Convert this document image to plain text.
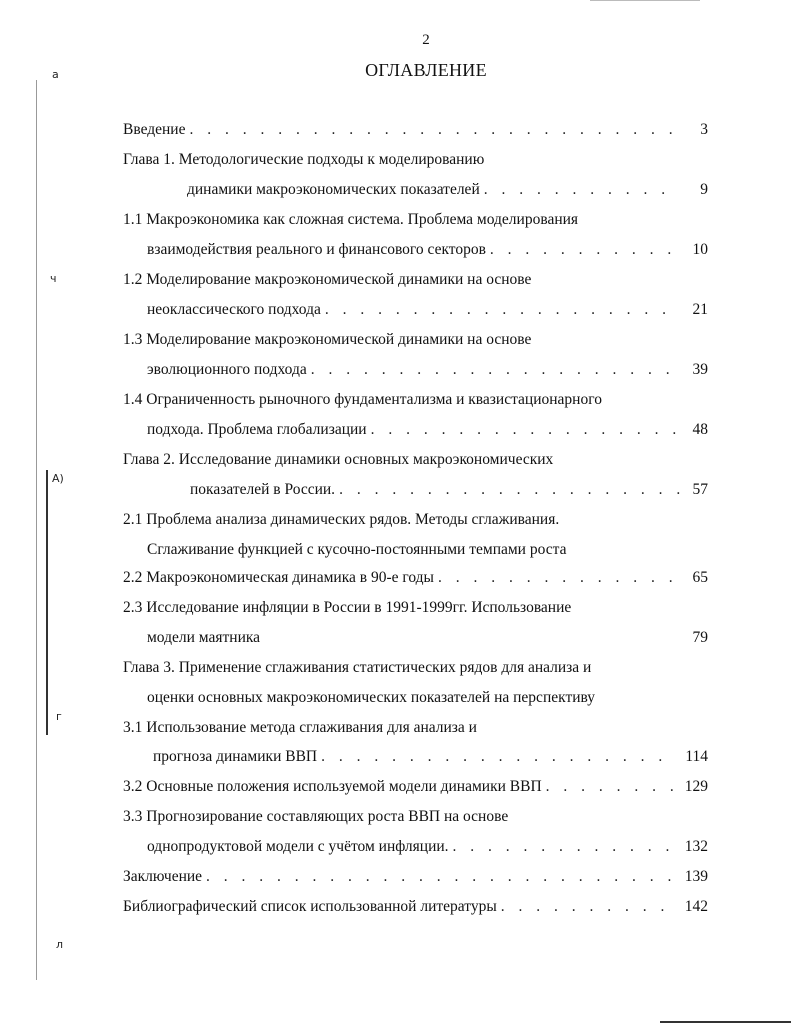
а
ч
А)
г
л
2
ОГЛАВЛЕНИЕ
Введение . . .	3
Глава 1. Методологические подходы к моделированию
динамики макроэкономических показателей . . .	9
1.1 Макроэкономика как сложная система. Проблема моделирования
взаимодействия реального и финансового секторов . . .	10
1.2 Моделирование макроэкономической динамики на основе
неоклассического подхода . . .	21
1.3 Моделирование макроэкономической динамики на основе
эволюционного подхода . . .	39
1.4 Ограниченность рыночного фундаментализма и квазистационарного
подхода. Проблема глобализации . . .	48
Глава 2. Исследование динамики основных макроэкономических
показателей в России. . . .	57
2.1 Проблема анализа динамических рядов. Методы сглаживания.
Сглаживание функцией с кусочно-постоянными темпами роста
2.2 Макроэкономическая динамика в 90-е годы . . .	65
2.3 Исследование инфляции в России в 1991-1999гг. Использование
модели маятника	79
Глава 3. Применение сглаживания статистических рядов для анализа и
оценки основных макроэкономических показателей на перспективу
3.1 Использование метода сглаживания для анализа и
прогноза динамики ВВП . . .	114
3.2 Основные положения используемой модели динамики ВВП . . .	129
3.3 Прогнозирование составляющих роста ВВП на основе
однопродуктовой модели с учётом инфляции. . . .	132
Заключение . . .	139
Библиографический список использованной литературы . . .	142
